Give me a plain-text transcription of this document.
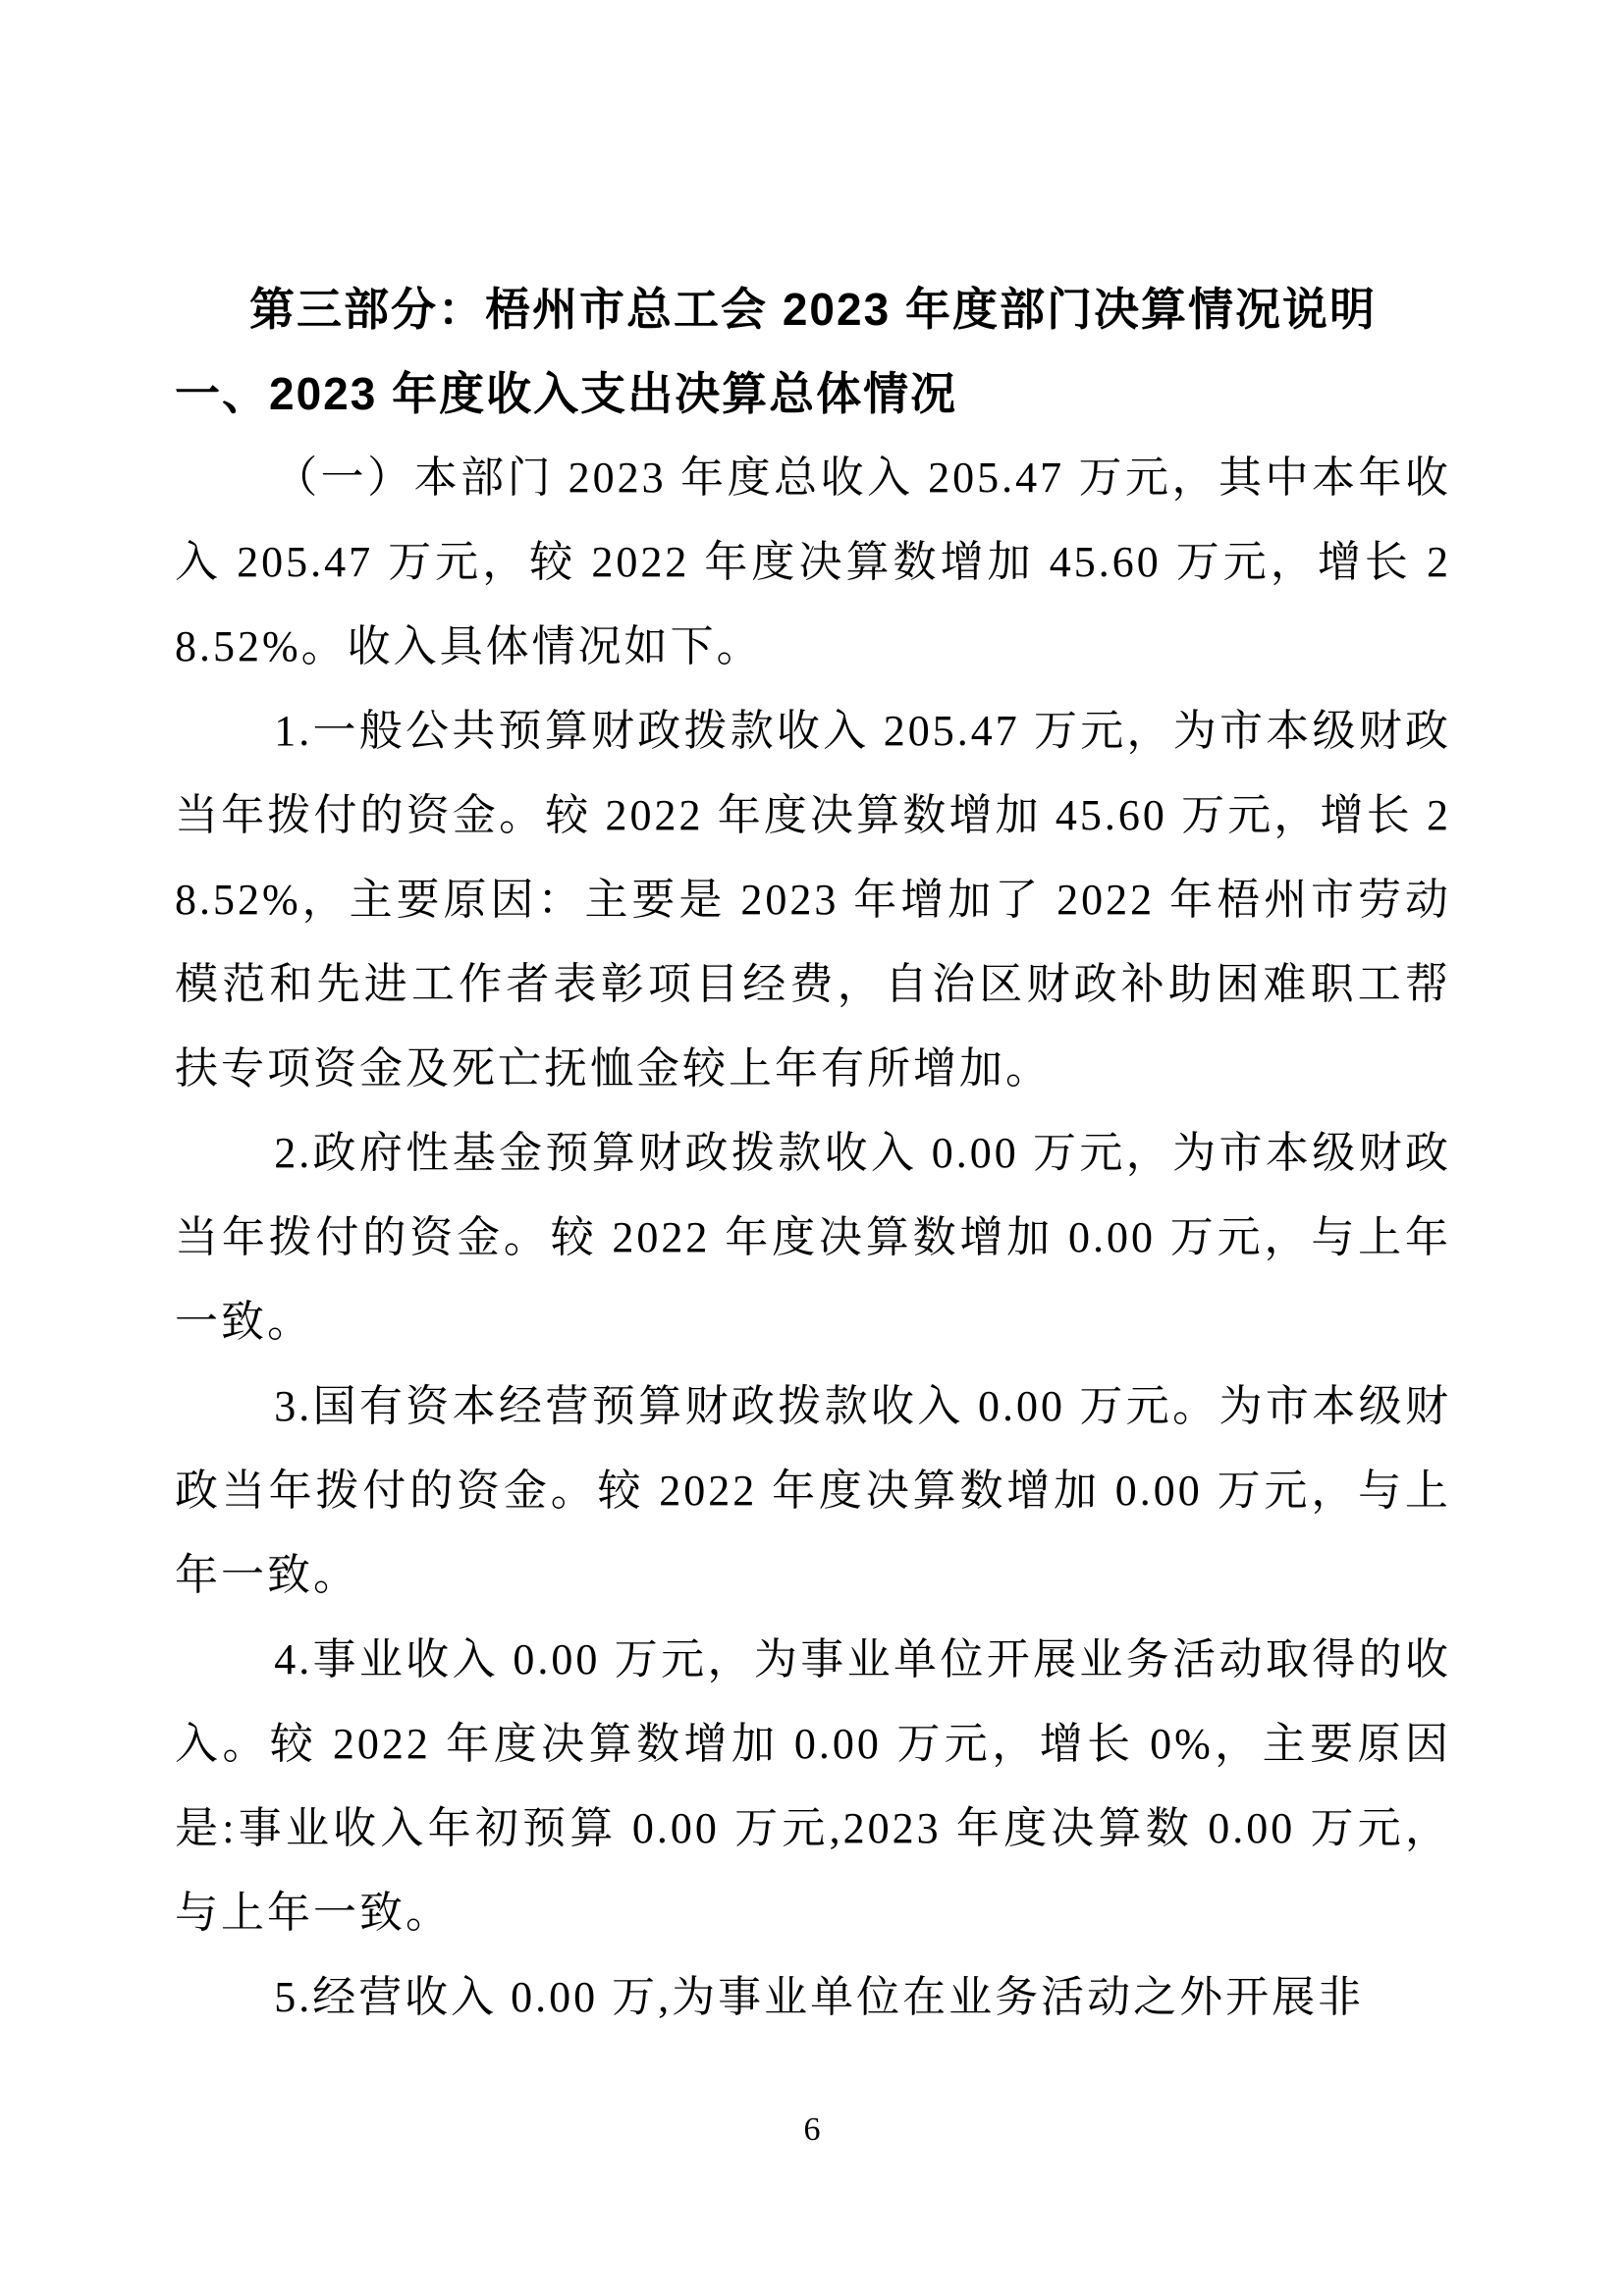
第三部分：梧州市总工会 2023 年度部门决算情况说明
一、2023 年度收入支出决算总体情况

（一）本部门 2023 年度总收入 205.47 万元，其中本年收入 205.47 万元，较 2022 年度决算数增加 45.60 万元，增长 28.52%。收入具体情况如下。

1.一般公共预算财政拨款收入 205.47 万元，为市本级财政当年拨付的资金。较 2022 年度决算数增加 45.60 万元，增长 28.52%，主要原因：主要是 2023 年增加了 2022 年梧州市劳动模范和先进工作者表彰项目经费，自治区财政补助困难职工帮扶专项资金及死亡抚恤金较上年有所增加。

2.政府性基金预算财政拨款收入 0.00 万元，为市本级财政当年拨付的资金。较 2022 年度决算数增加 0.00 万元，与上年一致。

3.国有资本经营预算财政拨款收入 0.00 万元。为市本级财政当年拨付的资金。较 2022 年度决算数增加 0.00 万元，与上年一致。

4.事业收入 0.00 万元，为事业单位开展业务活动取得的收入。较 2022 年度决算数增加 0.00 万元，增长 0%，主要原因是:事业收入年初预算 0.00 万元,2023 年度决算数 0.00 万元，与上年一致。

5.经营收入 0.00 万,为事业单位在业务活动之外开展非

6
